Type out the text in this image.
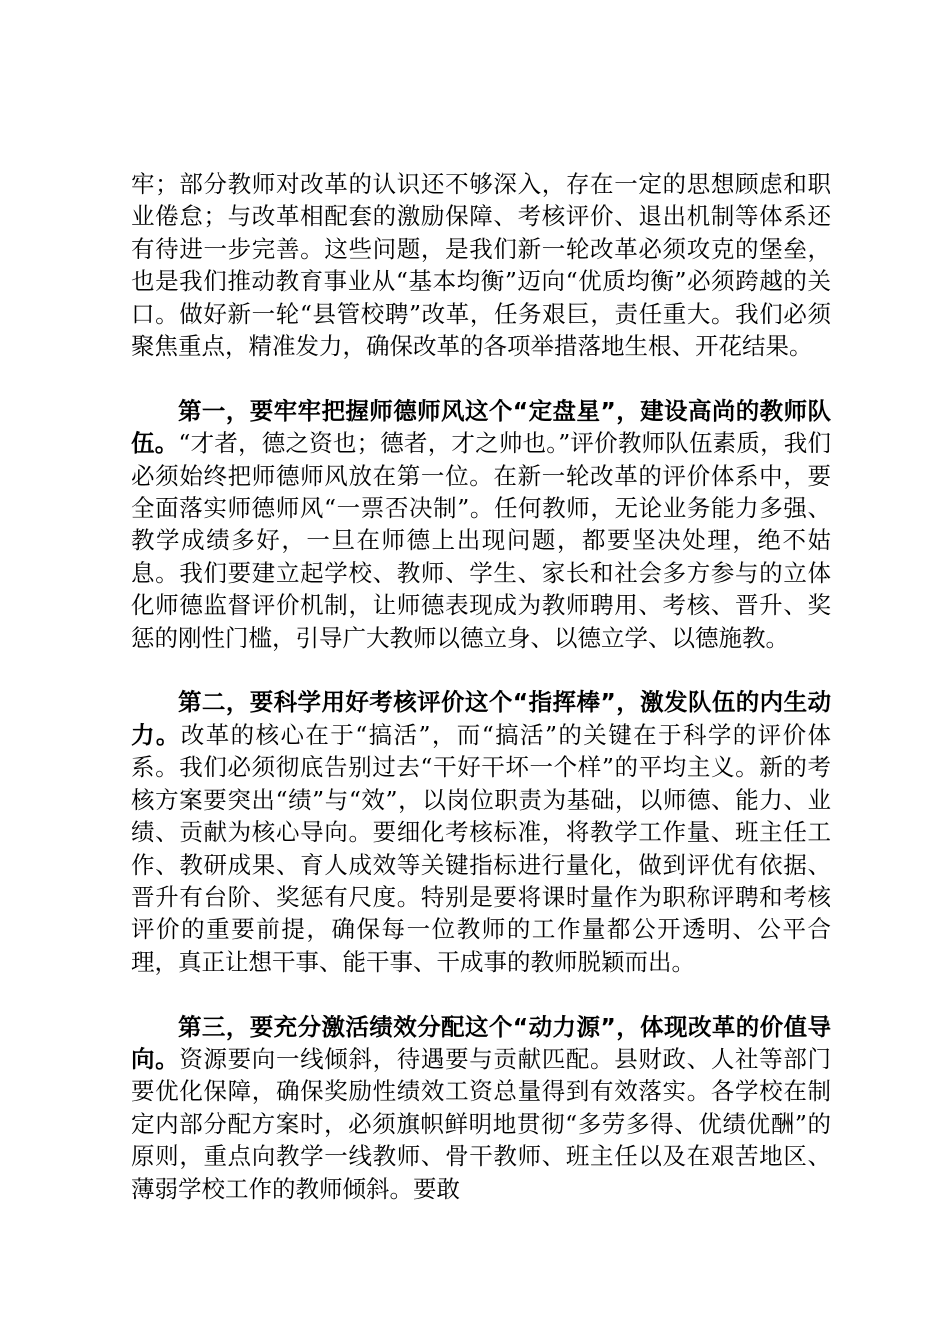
牢；部分教师对改革的认识还不够深入，存在一定的思想顾虑和职业倦怠；与改革相配套的激励保障、考核评价、退出机制等体系还有待进一步完善。这些问题，是我们新一轮改革必须攻克的堡垒，也是我们推动教育事业从“基本均衡”迈向“优质均衡”必须跨越的关口。做好新一轮“县管校聘”改革，任务艰巨，责任重大。我们必须聚焦重点，精准发力，确保改革的各项举措落地生根、开花结果。

第一，要牢牢把握师德师风这个“定盘星”，建设高尚的教师队伍。“才者，德之资也；德者，才之帅也。”评价教师队伍素质，我们必须始终把师德师风放在第一位。在新一轮改革的评价体系中，要全面落实师德师风“一票否决制”。任何教师，无论业务能力多强、教学成绩多好，一旦在师德上出现问题，都要坚决处理，绝不姑息。我们要建立起学校、教师、学生、家长和社会多方参与的立体化师德监督评价机制，让师德表现成为教师聘用、考核、晋升、奖惩的刚性门槛，引导广大教师以德立身、以德立学、以德施教。

第二，要科学用好考核评价这个“指挥棒”，激发队伍的内生动力。改革的核心在于“搞活”，而“搞活”的关键在于科学的评价体系。我们必须彻底告别过去“干好干坏一个样”的平均主义。新的考核方案要突出“绩”与“效”，以岗位职责为基础，以师德、能力、业绩、贡献为核心导向。要细化考核标准，将教学工作量、班主任工作、教研成果、育人成效等关键指标进行量化，做到评优有依据、晋升有台阶、奖惩有尺度。特别是要将课时量作为职称评聘和考核评价的重要前提，确保每一位教师的工作量都公开透明、公平合理，真正让想干事、能干事、干成事的教师脱颖而出。

第三，要充分激活绩效分配这个“动力源”，体现改革的价值导向。资源要向一线倾斜，待遇要与贡献匹配。县财政、人社等部门要优化保障，确保奖励性绩效工资总量得到有效落实。各学校在制定内部分配方案时，必须旗帜鲜明地贯彻“多劳多得、优绩优酬”的原则，重点向教学一线教师、骨干教师、班主任以及在艰苦地区、薄弱学校工作的教师倾斜。要敢
